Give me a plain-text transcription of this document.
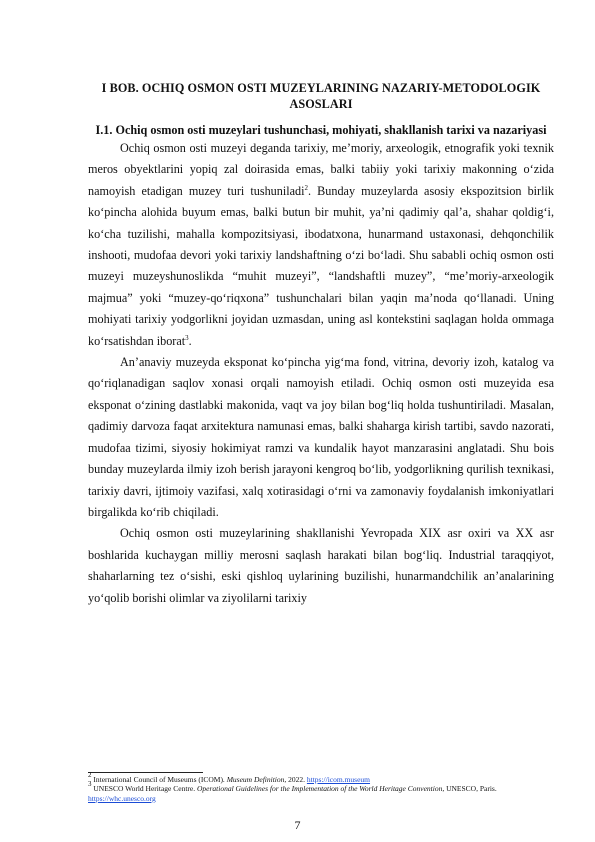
I BOB. OCHIQ OSMON OSTI MUZEYLARINING NAZARIY-METODOLOGIK ASOSLARI
I.1. Ochiq osmon osti muzeylari tushunchasi, mohiyati, shakllanish tarixi va nazariyasi

Ochiq osmon osti muzeyi deganda tarixiy, me’moriy, arxeologik, etnografik yoki texnik meros obyektlarini yopiq zal doirasida emas, balki tabiiy yoki tarixiy makonning o‘zida namoyish etadigan muzey turi tushuniladi$^2$. Bunday muzeylarda asosiy ekspozitsion birlik ko‘pincha alohida buyum emas, balki butun bir muhit, ya’ni qadimiy qal’a, shahar qoldig‘i, ko‘cha tuzilishi, mahalla kompozitsiyasi, ibodatxona, hunarmand ustaxonasi, dehqonchilik inshooti, mudofaa devori yoki tarixiy landshaftning o‘zi bo‘ladi. Shu sababli ochiq osmon osti muzeyi muzeyshunoslikda “muhit muzeyi”, “landshaftli muzey”, “me’moriy-arxeologik majmua” yoki “muzey-qo‘riqxona” tushunchalari bilan yaqin ma’noda qo‘llanadi. Uning mohiyati tarixiy yodgorlikni joyidan uzmasdan, uning asl kontekstini saqlagan holda ommaga ko‘rsatishdan iborat$^3$.

An’anaviy muzeyda eksponat ko‘pincha yig‘ma fond, vitrina, devoriy izoh, katalog va qo‘riqlanadigan saqlov xonasi orqali namoyish etiladi. Ochiq osmon osti muzeyida esa eksponat o‘zining dastlabki makonida, vaqt va joy bilan bog‘liq holda tushuntiriladi. Masalan, qadimiy darvoza faqat arxitektura namunasi emas, balki shaharga kirish tartibi, savdo nazorati, mudofaa tizimi, siyosiy hokimiyat ramzi va kundalik hayot manzarasini anglatadi. Shu bois bunday muzeylarda ilmiy izoh berish jarayoni kengroq bo‘lib, yodgorlikning qurilish texnikasi, tarixiy davri, ijtimoiy vazifasi, xalq xotirasidagi o‘rni va zamonaviy foydalanish imkoniyatlari birgalikda ko‘rib chiqiladi.

Ochiq osmon osti muzeylarining shakllanishi Yevropada XIX asr oxiri va XX asr boshlarida kuchaygan milliy merosni saqlash harakati bilan bog‘liq. Industrial taraqqiyot, shaharlarning tez o‘sishi, eski qishloq uylarining buzilishi, hunarmandchilik an’analarining yo‘qolib borishi olimlar va ziyolilarni tarixiy

$^2$ International Council of Museums (ICOM). Museum Definition, 2022. https://icom.museum

$^3$ UNESCO World Heritage Centre. Operational Guidelines for the Implementation of the World Heritage Convention, UNESCO, Paris. https://whc.unesco.org

7
